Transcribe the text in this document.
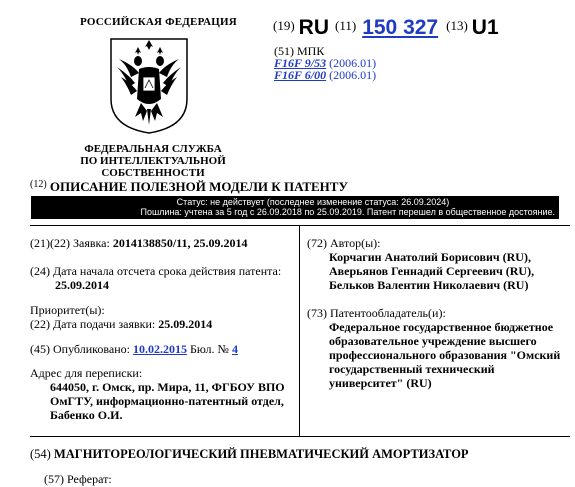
РОССИЙСКАЯ ФЕДЕРАЦИЯ
ФЕДЕРАЛЬНАЯ СЛУЖБА
ПО ИНТЕЛЛЕКТУАЛЬНОЙ СОБСТВЕННОСТИ
$^{(19)}$ RU $^{(11)}$ 150 327 $^{(13)}$ U1
(51) МПК
F16F 9/53 (2006.01)
F16F 6/00 (2006.01)
$^{(12)}$ ОПИСАНИЕ ПОЛЕЗНОЙ МОДЕЛИ К ПАТЕНТУ
Статус: не действует (последнее изменение статуса: 26.09.2024)
Пошлина: учтена за 5 год с 26.09.2018 по 25.09.2019. Патент перешел в общественное достояние.
(21)(22) Заявка: 2014138850/11, 25.09.2014
(24) Дата начала отсчета срока действия патента:
25.09.2014
Приоритет(ы):
(22) Дата подачи заявки: 25.09.2014
(45) Опубликовано: 10.02.2015 Бюл. № 4
Адрес для переписки:
644050, г. Омск, пр. Мира, 11, ФГБОУ ВПО
ОмГТУ, информационно-патентный отдел,
Бабенко О.И.
(72) Автор(ы):
Корчагин Анатолий Борисович (RU),
Аверьянов Геннадий Сергеевич (RU),
Бельков Валентин Николаевич (RU)
(73) Патентообладатель(и):
Федеральное государственное бюджетное
образовательное учреждение высшего
профессионального образования "Омский
государственный технический
университет" (RU)
(54) МАГНИТОРЕОЛОГИЧЕСКИЙ ПНЕВМАТИЧЕСКИЙ АМОРТИЗАТОР
(57) Реферат:
